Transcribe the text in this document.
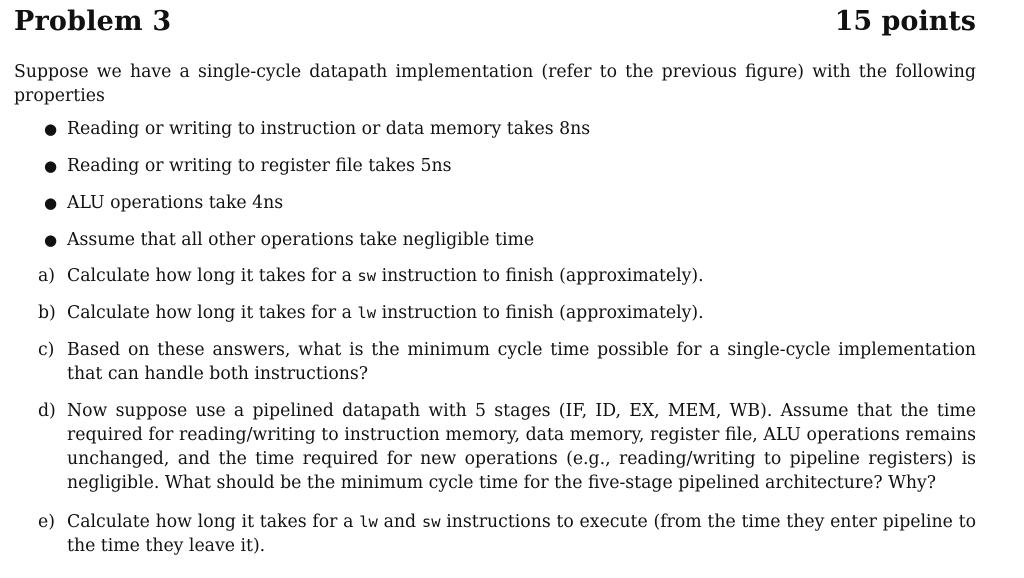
Problem 3	15 points
Suppose we have a single-cycle datapath implementation (refer to the previous figure) with the following properties
● Reading or writing to instruction or data memory takes 8ns
● Reading or writing to register file takes 5ns
● ALU operations take 4ns
● Assume that all other operations take negligible time
a) Calculate how long it takes for a sw instruction to finish (approximately).
b) Calculate how long it takes for a lw instruction to finish (approximately).
c) Based on these answers, what is the minimum cycle time possible for a single-cycle implementation that can handle both instructions?
d) Now suppose use a pipelined datapath with 5 stages (IF, ID, EX, MEM, WB). Assume that the time required for reading/writing to instruction memory, data memory, register file, ALU operations remains unchanged, and the time required for new operations (e.g., reading/writing to pipeline registers) is negligible. What should be the minimum cycle time for the five-stage pipelined architecture? Why?
e) Calculate how long it takes for a lw and sw instructions to execute (from the time they enter pipeline to the time they leave it).
